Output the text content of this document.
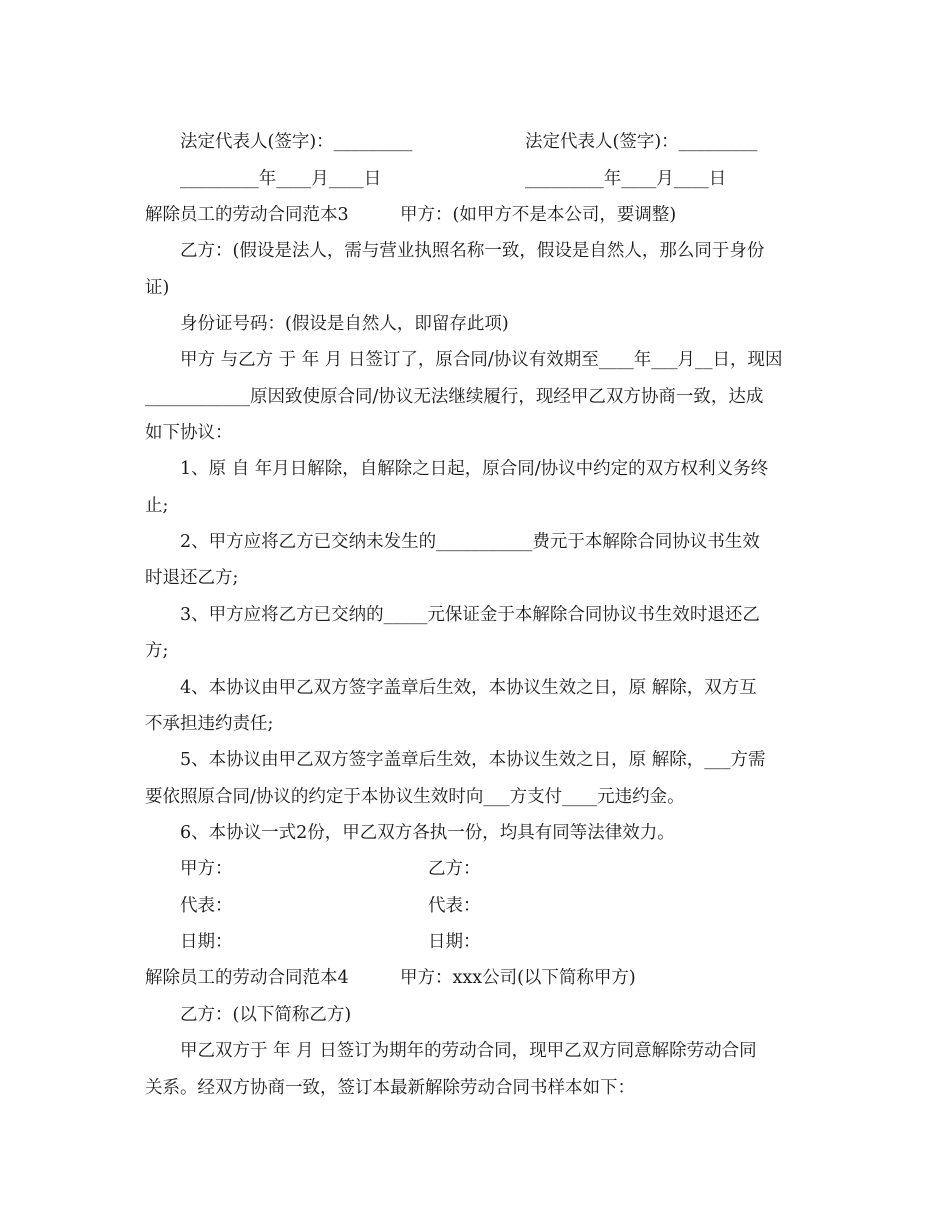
法定代表人(签字)：_________	法定代表人(签字)：_________
_________年____月____日	_________年____月____日
解除员工的劳动合同范本3	甲方：(如甲方不是本公司，要调整)
乙方：(假设是法人，需与营业执照名称一致，假设是自然人，那么同于身份
证)
身份证号码：(假设是自然人，即留存此项)
甲方 与乙方 于 年 月 日签订了，原合同/协议有效期至____年___月__日，现因
____________原因致使原合同/协议无法继续履行，现经甲乙双方协商一致，达成
如下协议：
1、原 自 年月日解除，自解除之日起，原合同/协议中约定的双方权利义务终
止;
2、甲方应将乙方已交纳未发生的___________费元于本解除合同协议书生效
时退还乙方;
3、甲方应将乙方已交纳的_____元保证金于本解除合同协议书生效时退还乙
方;
4、本协议由甲乙双方签字盖章后生效，本协议生效之日，原 解除，双方互
不承担违约责任;
5、本协议由甲乙双方签字盖章后生效，本协议生效之日，原 解除，___方需
要依照原合同/协议的约定于本协议生效时向___方支付____元违约金。
6、本协议一式2份，甲乙双方各执一份，均具有同等法律效力。
甲方：	乙方：
代表：	代表：
日期：	日期：
解除员工的劳动合同范本4	甲方：xxx公司(以下简称甲方)
乙方：(以下简称乙方)
甲乙双方于 年 月 日签订为期年的劳动合同，现甲乙双方同意解除劳动合同
关系。经双方协商一致，签订本最新解除劳动合同书样本如下：
